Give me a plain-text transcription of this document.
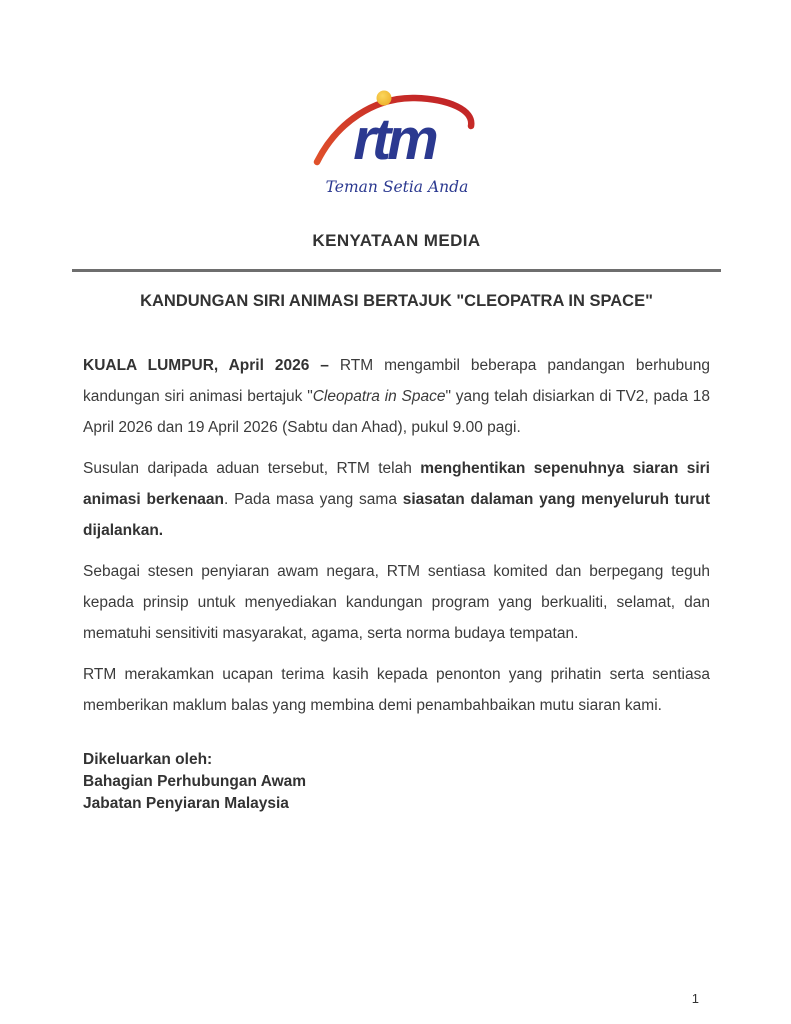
rtm
Teman Setia Anda
KENYATAAN MEDIA
KANDUNGAN SIRI ANIMASI BERTAJUK "CLEOPATRA IN SPACE"

KUALA LUMPUR, April 2026 – RTM mengambil beberapa pandangan berhubung kandungan siri animasi bertajuk "Cleopatra in Space" yang telah disiarkan di TV2, pada 18 April 2026 dan 19 April 2026 (Sabtu dan Ahad), pukul 9.00 pagi.

Susulan daripada aduan tersebut, RTM telah menghentikan sepenuhnya siaran siri animasi berkenaan. Pada masa yang sama siasatan dalaman yang menyeluruh turut dijalankan.

Sebagai stesen penyiaran awam negara, RTM sentiasa komited dan berpegang teguh kepada prinsip untuk menyediakan kandungan program yang berkualiti, selamat, dan mematuhi sensitiviti masyarakat, agama, serta norma budaya tempatan.

RTM merakamkan ucapan terima kasih kepada penonton yang prihatin serta sentiasa memberikan maklum balas yang membina demi penambahbaikan mutu siaran kami.

Dikeluarkan oleh:
Bahagian Perhubungan Awam
Jabatan Penyiaran Malaysia
1
